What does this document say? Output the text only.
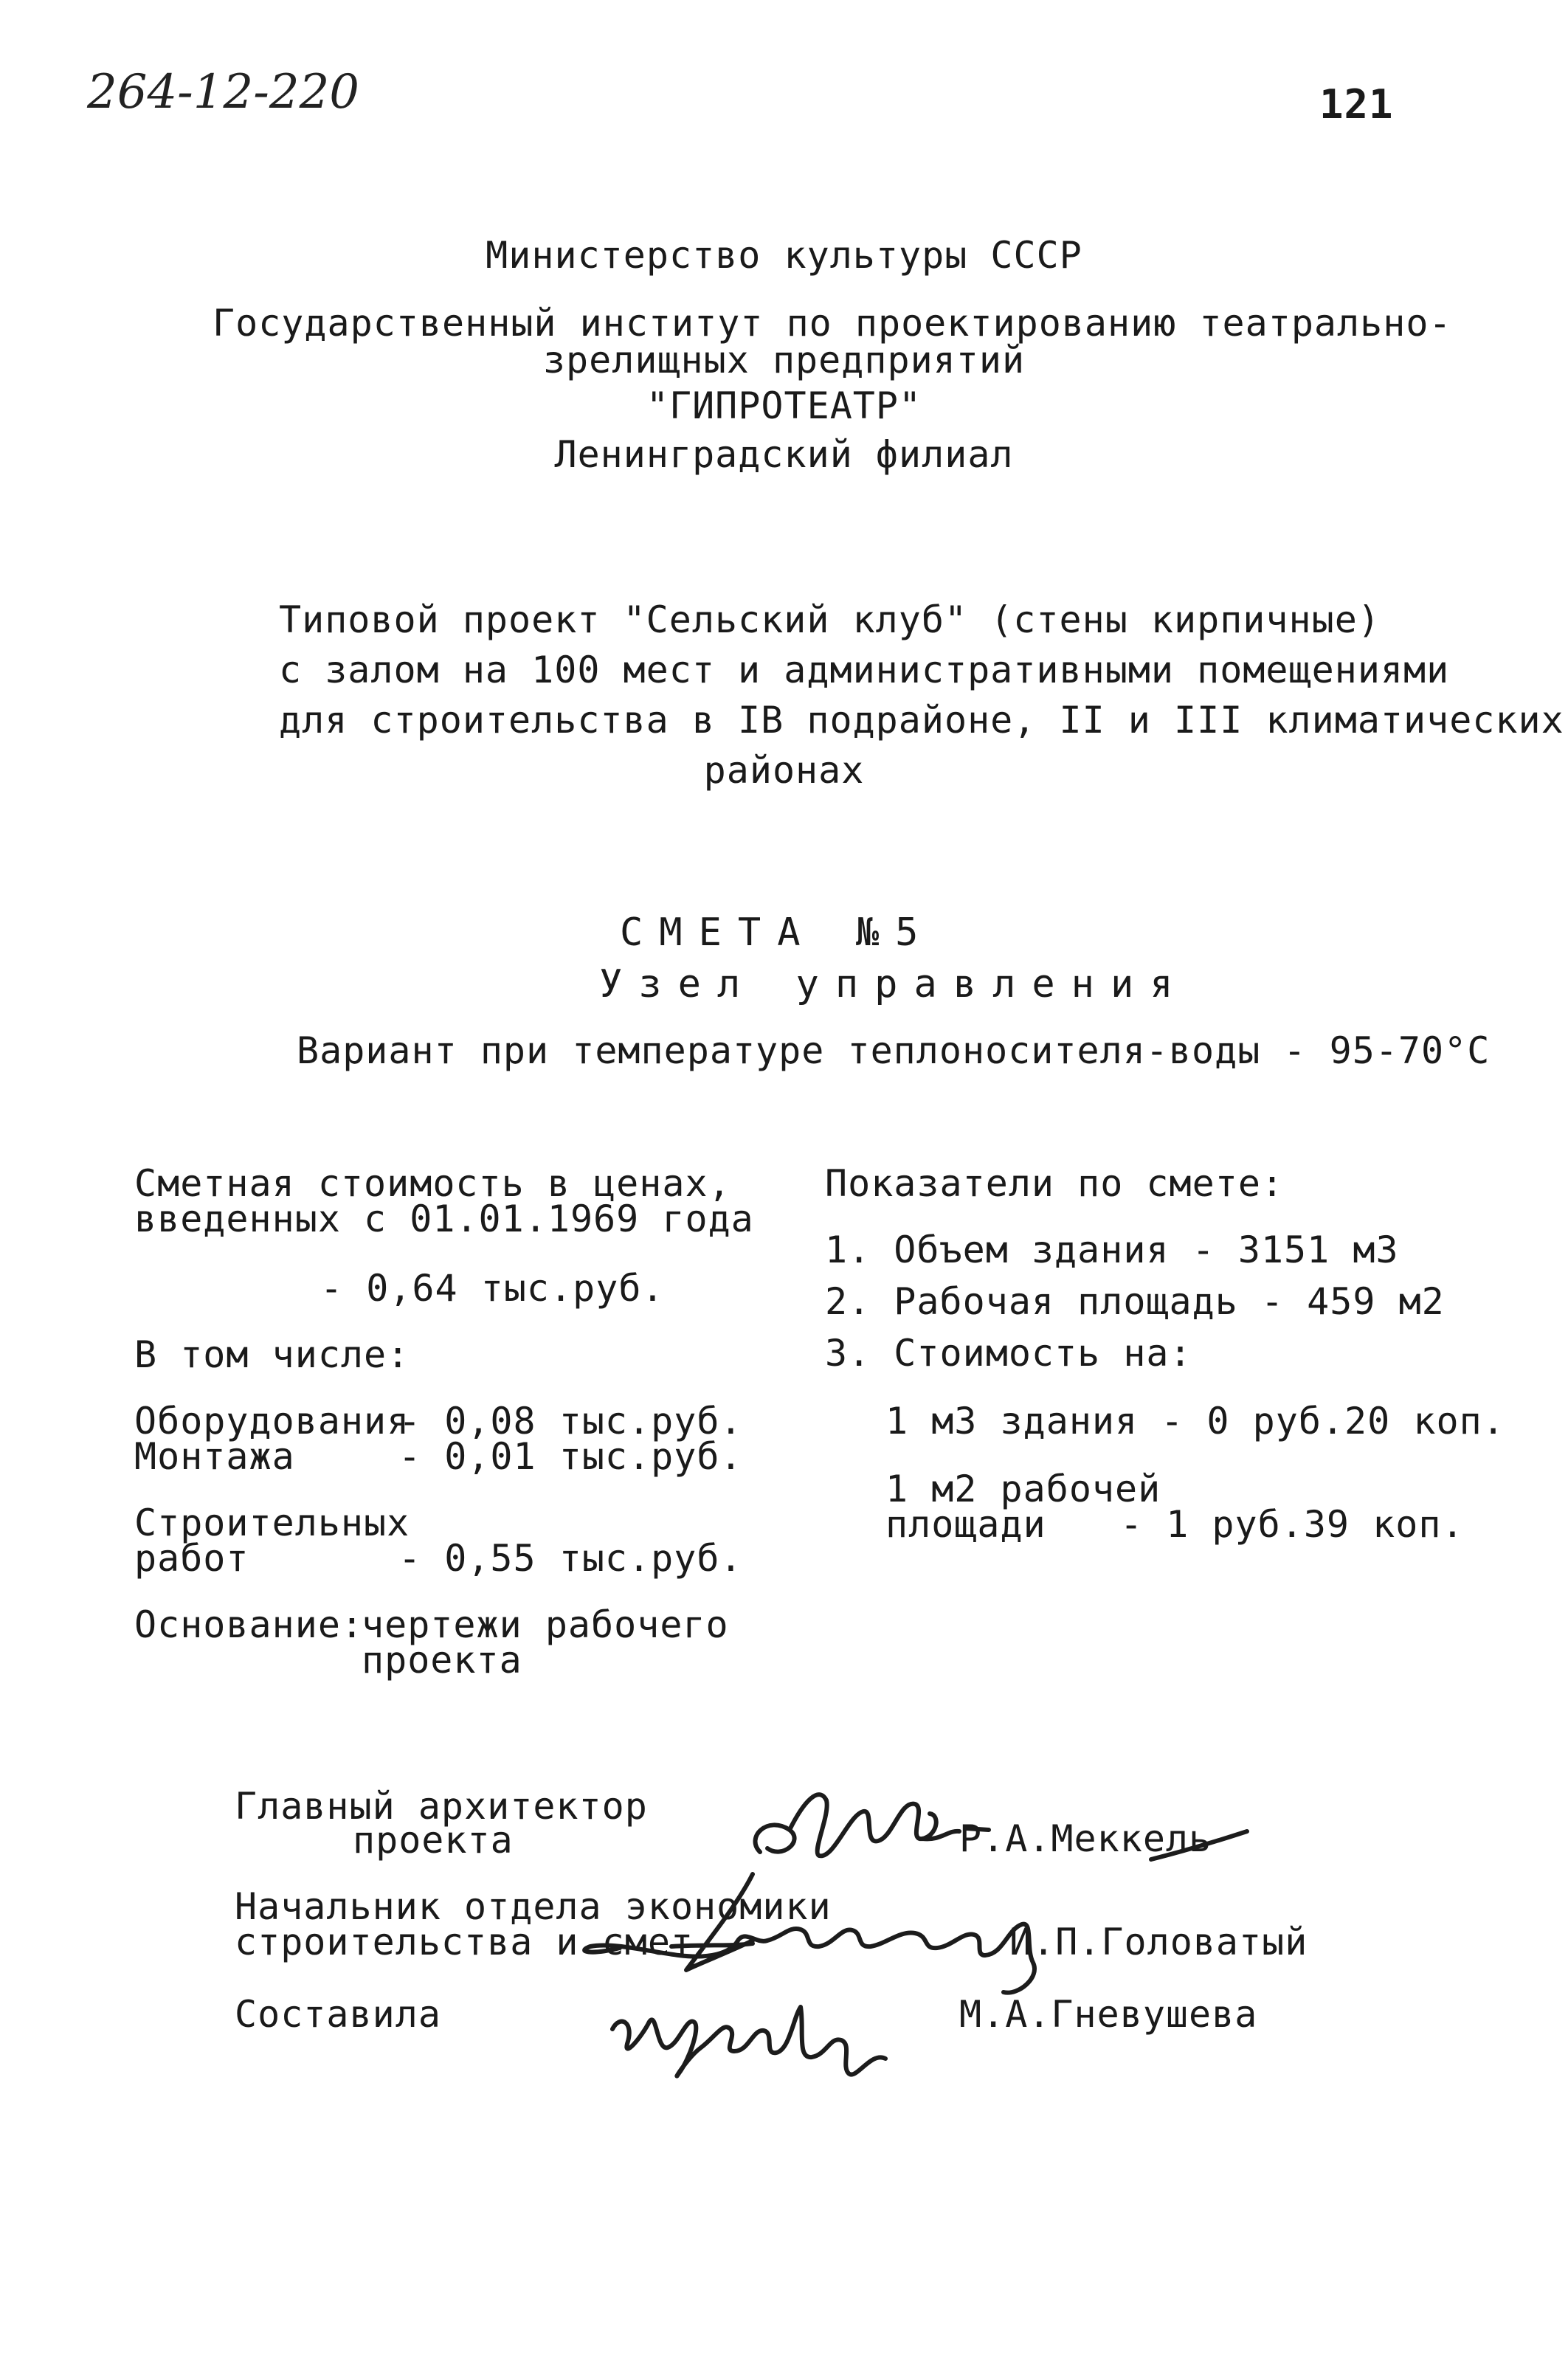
264-12-220	121
Министерство культуры СССР
Государственный институт по проектированию театрально-
зрелищных предприятий
"ГИПРОТЕАТР"
Ленинградский филиал
Типовой проект "Сельский клуб" (стены кирпичные)
с залом на 100 мест и административными помещениями
для строительства в IВ подрайоне, II и III климатических
районах
СМЕТА №5
Узел управления
Вариант при температуре теплоносителя-воды - 95-70°С
Сметная стоимость в ценах,
введенных с 01.01.1969 года
- 0,64 тыс.руб.
В том числе:
Оборудования
- 0,08 тыс.руб.
Монтажа	- 0,01 тыс.руб.
Строительных
работ	- 0,55 тыс.руб.
Основание:
чертежи рабочего
проекта
Показатели по смете:
1. Объем здания - 3151 м3
2. Рабочая площадь - 459 м2
3. Стоимость на:
1 м3 здания - 0 руб.20 коп.
1 м2 рабочей
площади - 1 руб.39 коп.
Главный архитектор
проекта	Р.А.Меккель
Начальник отдела экономики
строительства и смет	И.П.Головатый
Составила	М.А.Гневушева
